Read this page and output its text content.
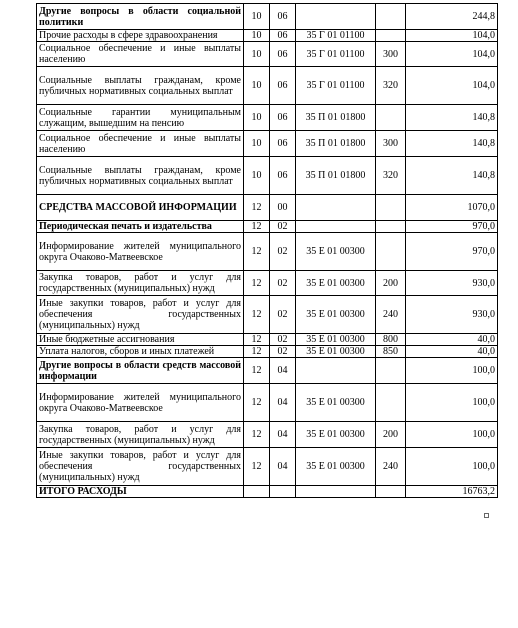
Другие вопросы в области социальной политики	10	06			244,8
Прочие расходы в сфере здравоохранения	10	06	35 Г 01 01100		104,0
Социальное обеспечение и иные выплаты населению	10	06	35 Г 01 01100	300	104,0
Социальные выплаты гражданам, кроме публичных нормативных социальных выплат	10	06	35 Г 01 01100	320	104,0
Социальные гарантии муниципальным служащим, вышедшим на пенсию	10	06	35 П 01 01800		140,8
Социальное обеспечение и иные выплаты населению	10	06	35 П 01 01800	300	140,8
Социальные выплаты гражданам, кроме публичных нормативных социальных выплат	10	06	35 П 01 01800	320	140,8
СРЕДСТВА МАССОВОЙ ИНФОРМАЦИИ	12	00			1070,0
Периодическая печать и издательства	12	02			970,0
Информирование жителей муниципального округа Очаково-Матвеевское	12	02	35 Е 01 00300		970,0
Закупка товаров, работ и услуг для государственных (муниципальных) нужд	12	02	35 Е 01 00300	200	930,0
Иные закупки товаров, работ и услуг для обеспечения государственных (муниципальных) нужд	12	02	35 Е 01 00300	240	930,0
Иные бюджетные ассигнования	12	02	35 Е 01 00300	800	40,0
Уплата налогов, сборов и иных платежей	12	02	35 Е 01 00300	850	40,0
Другие вопросы в области средств массовой информации	12	04			100,0
Информирование жителей муниципального округа Очаково-Матвеевское	12	04	35 Е 01 00300		100,0
Закупка товаров, работ и услуг для государственных (муниципальных) нужд	12	04	35 Е 01 00300	200	100,0
Иные закупки товаров, работ и услуг для обеспечения государственных (муниципальных) нужд	12	04	35 Е 01 00300	240	100,0
ИТОГО РАСХОДЫ					16763,2
